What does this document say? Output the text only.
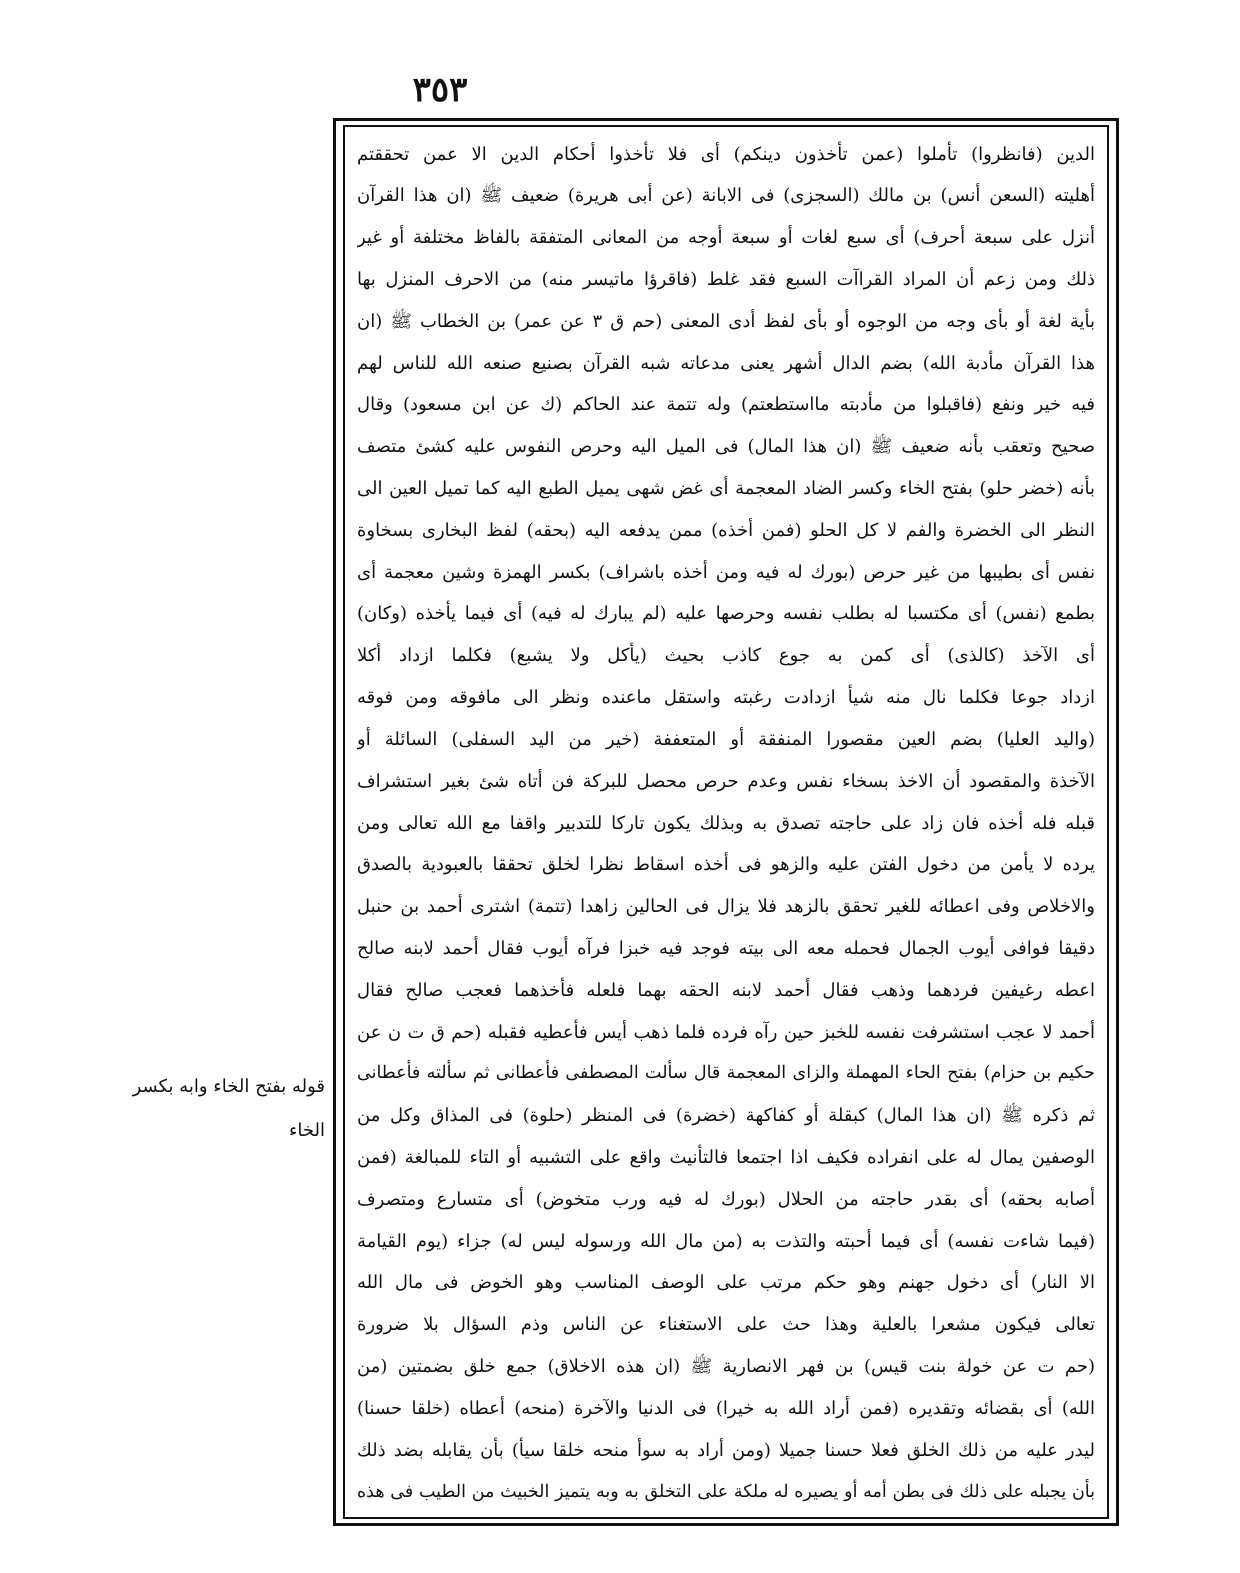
٣٥٣
الدين (فانظروا) تأملوا (عمن تأخذون دينكم) أى فلا تأخذوا أحكام الدين الا عمن تحققتم
أهليته (السعن أنس) بن مالك (السجزى) فى الابانة (عن أبى هريرة) ضعيف ﷺ (ان هذا القرآن
أنزل على سبعة أحرف) أى سبع لغات أو سبعة أوجه من المعانى المتفقة بالفاظ مختلفة أو غير
ذلك ومن زعم أن المراد القراآت السبع فقد غلط (فاقرؤا ماتيسر منه) من الاحرف المنزل بها
بأية لغة أو بأى وجه من الوجوه أو بأى لفظ أدى المعنى (حم ق ٣ عن عمر) بن الخطاب ﷺ (ان
هذا القرآن مأدبة الله) بضم الدال أشهر يعنى مدعاته شبه القرآن بصنيع صنعه الله للناس لهم
فيه خير ونفع (فاقبلوا من مأدبته مااستطعتم) وله تتمة عند الحاكم (ك عن ابن مسعود) وقال
صحيح وتعقب بأنه ضعيف ﷺ (ان هذا المال) فى الميل اليه وحرص النفوس عليه كشئ متصف
بأنه (خضر حلو) بفتح الخاء وكسر الضاد المعجمة أى غض شهى يميل الطبع اليه كما تميل العين الى
النظر الى الخضرة والفم لا كل الحلو (فمن أخذه) ممن يدفعه اليه (بحقه) لفظ البخارى بسخاوة
نفس أى بطيبها من غير حرص (بورك له فيه ومن أخذه باشراف) بكسر الهمزة وشين معجمة أى
بطمع (نفس) أى مكتسبا له بطلب نفسه وحرصها عليه (لم يبارك له فيه) أى فيما يأخذه (وكان)
أى الآخذ (كالذى) أى كمن به جوع كاذب بحيث (يأكل ولا يشبع) فكلما ازداد أكلا
ازداد جوعا فكلما نال منه شيأ ازدادت رغبته واستقل ماعنده ونظر الى مافوقه ومن فوقه
(واليد العليا) بضم العين مقصورا المنفقة أو المتعففة (خير من اليد السفلى) السائلة أو
الآخذة والمقصود أن الاخذ بسخاء نفس وعدم حرص محصل للبركة فن أتاه شئ بغير استشراف
قبله فله أخذه فان زاد على حاجته تصدق به وبذلك يكون تاركا للتدبير واقفا مع الله تعالى ومن
يرده لا يأمن من دخول الفتن عليه والزهو فى أخذه اسقاط نظرا لخلق تحققا بالعبودية بالصدق
والاخلاص وفى اعطائه للغير تحقق بالزهد فلا يزال فى الحالين زاهدا (تتمة) اشترى أحمد بن حنبل
دقيقا فوافى أيوب الجمال فحمله معه الى بيته فوجد فيه خبزا فرآه أيوب فقال أحمد لابنه صالح
اعطه رغيفين فردهما وذهب فقال أحمد لابنه الحقه بهما فلعله فأخذهما فعجب صالح فقال
أحمد لا عجب استشرفت نفسه للخبز حين رآه فرده فلما ذهب أيس فأعطيه فقبله (حم ق ت ن عن
حكيم بن حزام) بفتح الحاء المهملة والزاى المعجمة قال سألت المصطفى فأعطانى ثم سألته فأعطانى
ثم ذكره ﷺ (ان هذا المال) كبقلة أو كفاكهة (خضرة) فى المنظر (حلوة) فى المذاق وكل من
الوصفين يمال له على انفراده فكيف اذا اجتمعا فالتأنيث واقع على التشبيه أو التاء للمبالغة (فمن
أصابه بحقه) أى بقدر حاجته من الحلال (بورك له فيه ورب متخوض) أى متسارع ومتصرف
(فيما شاءت نفسه) أى فيما أحبته والتذت به (من مال الله ورسوله ليس له) جزاء (يوم القيامة
الا النار) أى دخول جهنم وهو حكم مرتب على الوصف المناسب وهو الخوض فى مال الله
تعالى فيكون مشعرا بالعلية وهذا حث على الاستغناء عن الناس وذم السؤال بلا ضرورة
(حم ت عن خولة بنت قيس) بن فهر الانصارية ﷺ (ان هذه الاخلاق) جمع خلق بضمتين (من
الله) أى بقضائه وتقديره (فمن أراد الله به خيرا) فى الدنيا والآخرة (منحه) أعطاه (خلقا حسنا)
ليدر عليه من ذلك الخلق فعلا حسنا جميلا (ومن أراد به سوأ منحه خلقا سيأ) بأن يقابله بضد ذلك
بأن يجبله على ذلك فى بطن أمه أو يصيره له ملكة على التخلق به وبه يتميز الخبيث من الطيب فى هذه
قوله بفتح الخاء وابه بكسر
الخاء
